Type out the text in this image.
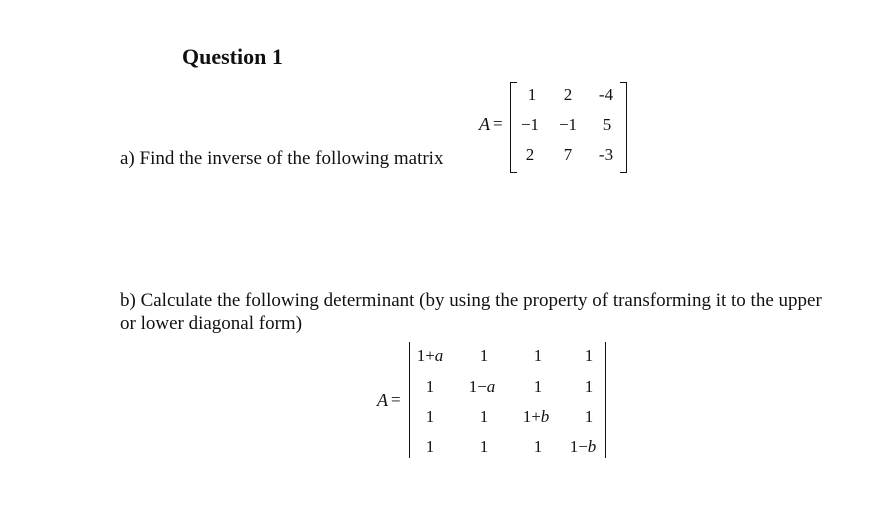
Question 1
a) Find the inverse of the following matrix
A =
1	2	-4
−1	−1	5
2	7	-3
b) Calculate the following determinant (by using the property of transforming it to the upper
or lower diagonal form)
A =
1+a	1	1	1
1	1−a	1	1
1	1	1+b	1
1	1	1	1−b
